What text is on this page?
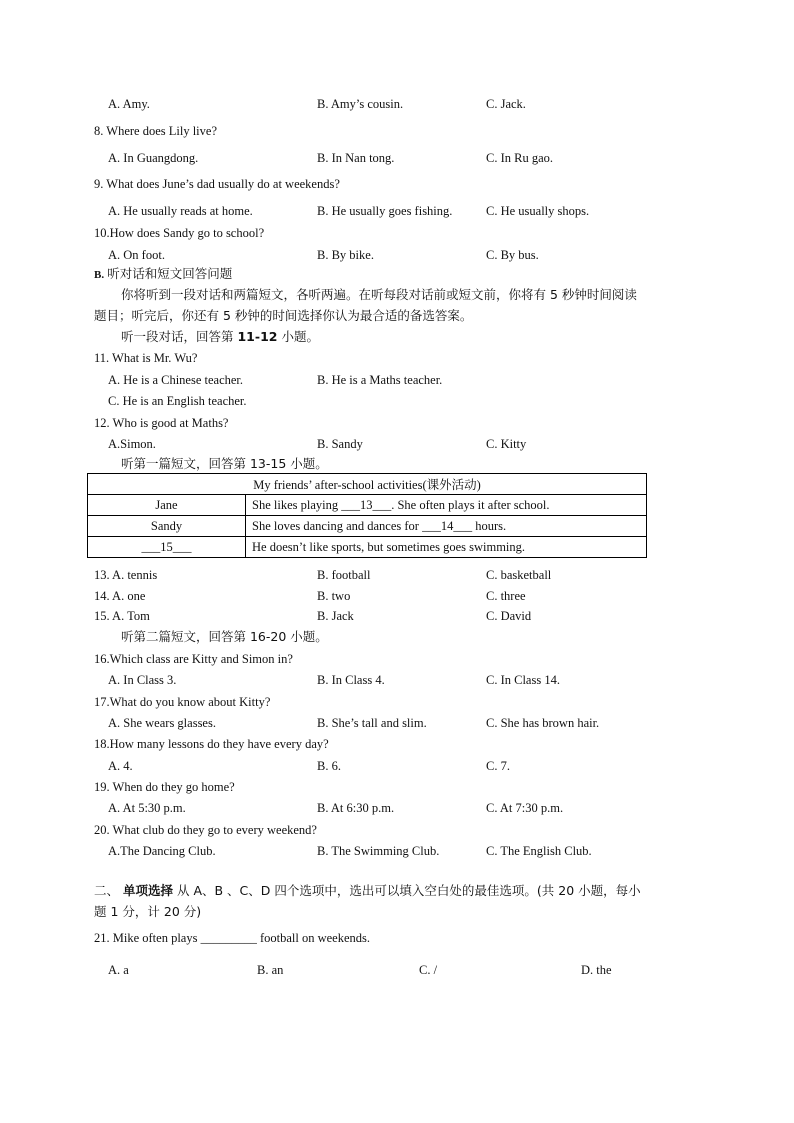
A. Amy.	B. Amy’s cousin.	C. Jack.
8. Where does Lily live?
A. In Guangdong.	B. In Nan tong.	C. In Ru gao.
9. What does June’s dad usually do at weekends?
A. He usually reads at home.	B. He usually goes fishing.	C. He usually shops.
10.How does Sandy go to school?
A. On foot.	B. By bike.	C. By bus.
B. 听对话和短文回答问题
你将听到一段对话和两篇短文，各听两遍。在听每段对话前或短文前，你将有 5 秒钟时间阅读
题目；听完后，你还有 5 秒钟的时间选择你认为最合适的备选答案。
听一段对话，回答第 11-12 小题。
11. What is Mr. Wu?
A. He is a Chinese teacher.	B. He is a Maths teacher.
C. He is an English teacher.
12. Who is good at Maths?
A.Simon.	B. Sandy	C. Kitty
听第一篇短文，回答第 13-15 小题。
My friends’ after-school activities(课外活动)	
Jane	She likes playing ___13___. She often plays it after school.
Sandy	She loves dancing and dances for ___14___ hours.
___15___	He doesn’t like sports, but sometimes goes swimming.
13. A. tennis	B. football	C. basketball
14. A. one	B. two	C. three
15. A. Tom	B. Jack	C. David
听第二篇短文，回答第 16-20 小题。
16.Which class are Kitty and Simon in?
A. In Class 3.	B. In Class 4.	C. In Class 14.
17.What do you know about Kitty?
A. She wears glasses.	B. She’s tall and slim.	C. She has brown hair.
18.How many lessons do they have every day?
A. 4.	B. 6.	C. 7.
19. When do they go home?
A. At 5:30 p.m.	B. At 6:30 p.m.	C. At 7:30 p.m.
20. What club do they go to every weekend?
A.The Dancing Club.	B. The Swimming Club.	C. The English Club.
二、 单项选择 从 A、B 、C、D 四个选项中，选出可以填入空白处的最佳选项。(共 20 小题，每小
题 1 分，计 20 分)
21. Mike often plays _________ football on weekends.
A. a	B. an	C. /	D. the
